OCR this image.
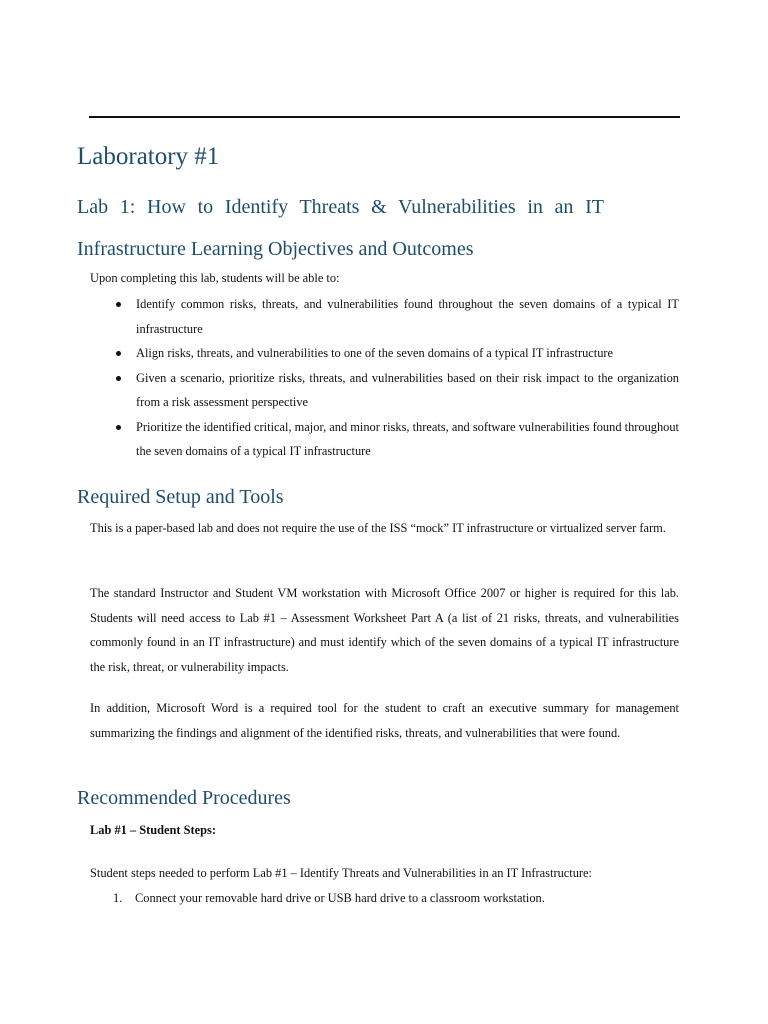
Laboratory #1
Lab 1: How to Identify Threats & Vulnerabilities in an IT
Infrastructure Learning Objectives and Outcomes

Upon completing this lab, students will be able to:

Identify common risks, threats, and vulnerabilities found throughout the seven domains of a typical IT infrastructure
Align risks, threats, and vulnerabilities to one of the seven domains of a typical IT infrastructure
Given a scenario, prioritize risks, threats, and vulnerabilities based on their risk impact to the organization from a risk assessment perspective
Prioritize the identified critical, major, and minor risks, threats, and software vulnerabilities found throughout the seven domains of a typical IT infrastructure
Required Setup and Tools

This is a paper-based lab and does not require the use of the ISS “mock” IT infrastructure or virtualized server farm.

The standard Instructor and Student VM workstation with Microsoft Office 2007 or higher is required for this lab. Students will need access to Lab #1 – Assessment Worksheet Part A (a list of 21 risks, threats, and vulnerabilities commonly found in an IT infrastructure) and must identify which of the seven domains of a typical IT infrastructure the risk, threat, or vulnerability impacts.

In addition, Microsoft Word is a required tool for the student to craft an executive summary for management summarizing the findings and alignment of the identified risks, threats, and vulnerabilities that were found.

Recommended Procedures

Lab #1 – Student Steps:

Student steps needed to perform Lab #1 – Identify Threats and Vulnerabilities in an IT Infrastructure:

1. Connect your removable hard drive or USB hard drive to a classroom workstation.
